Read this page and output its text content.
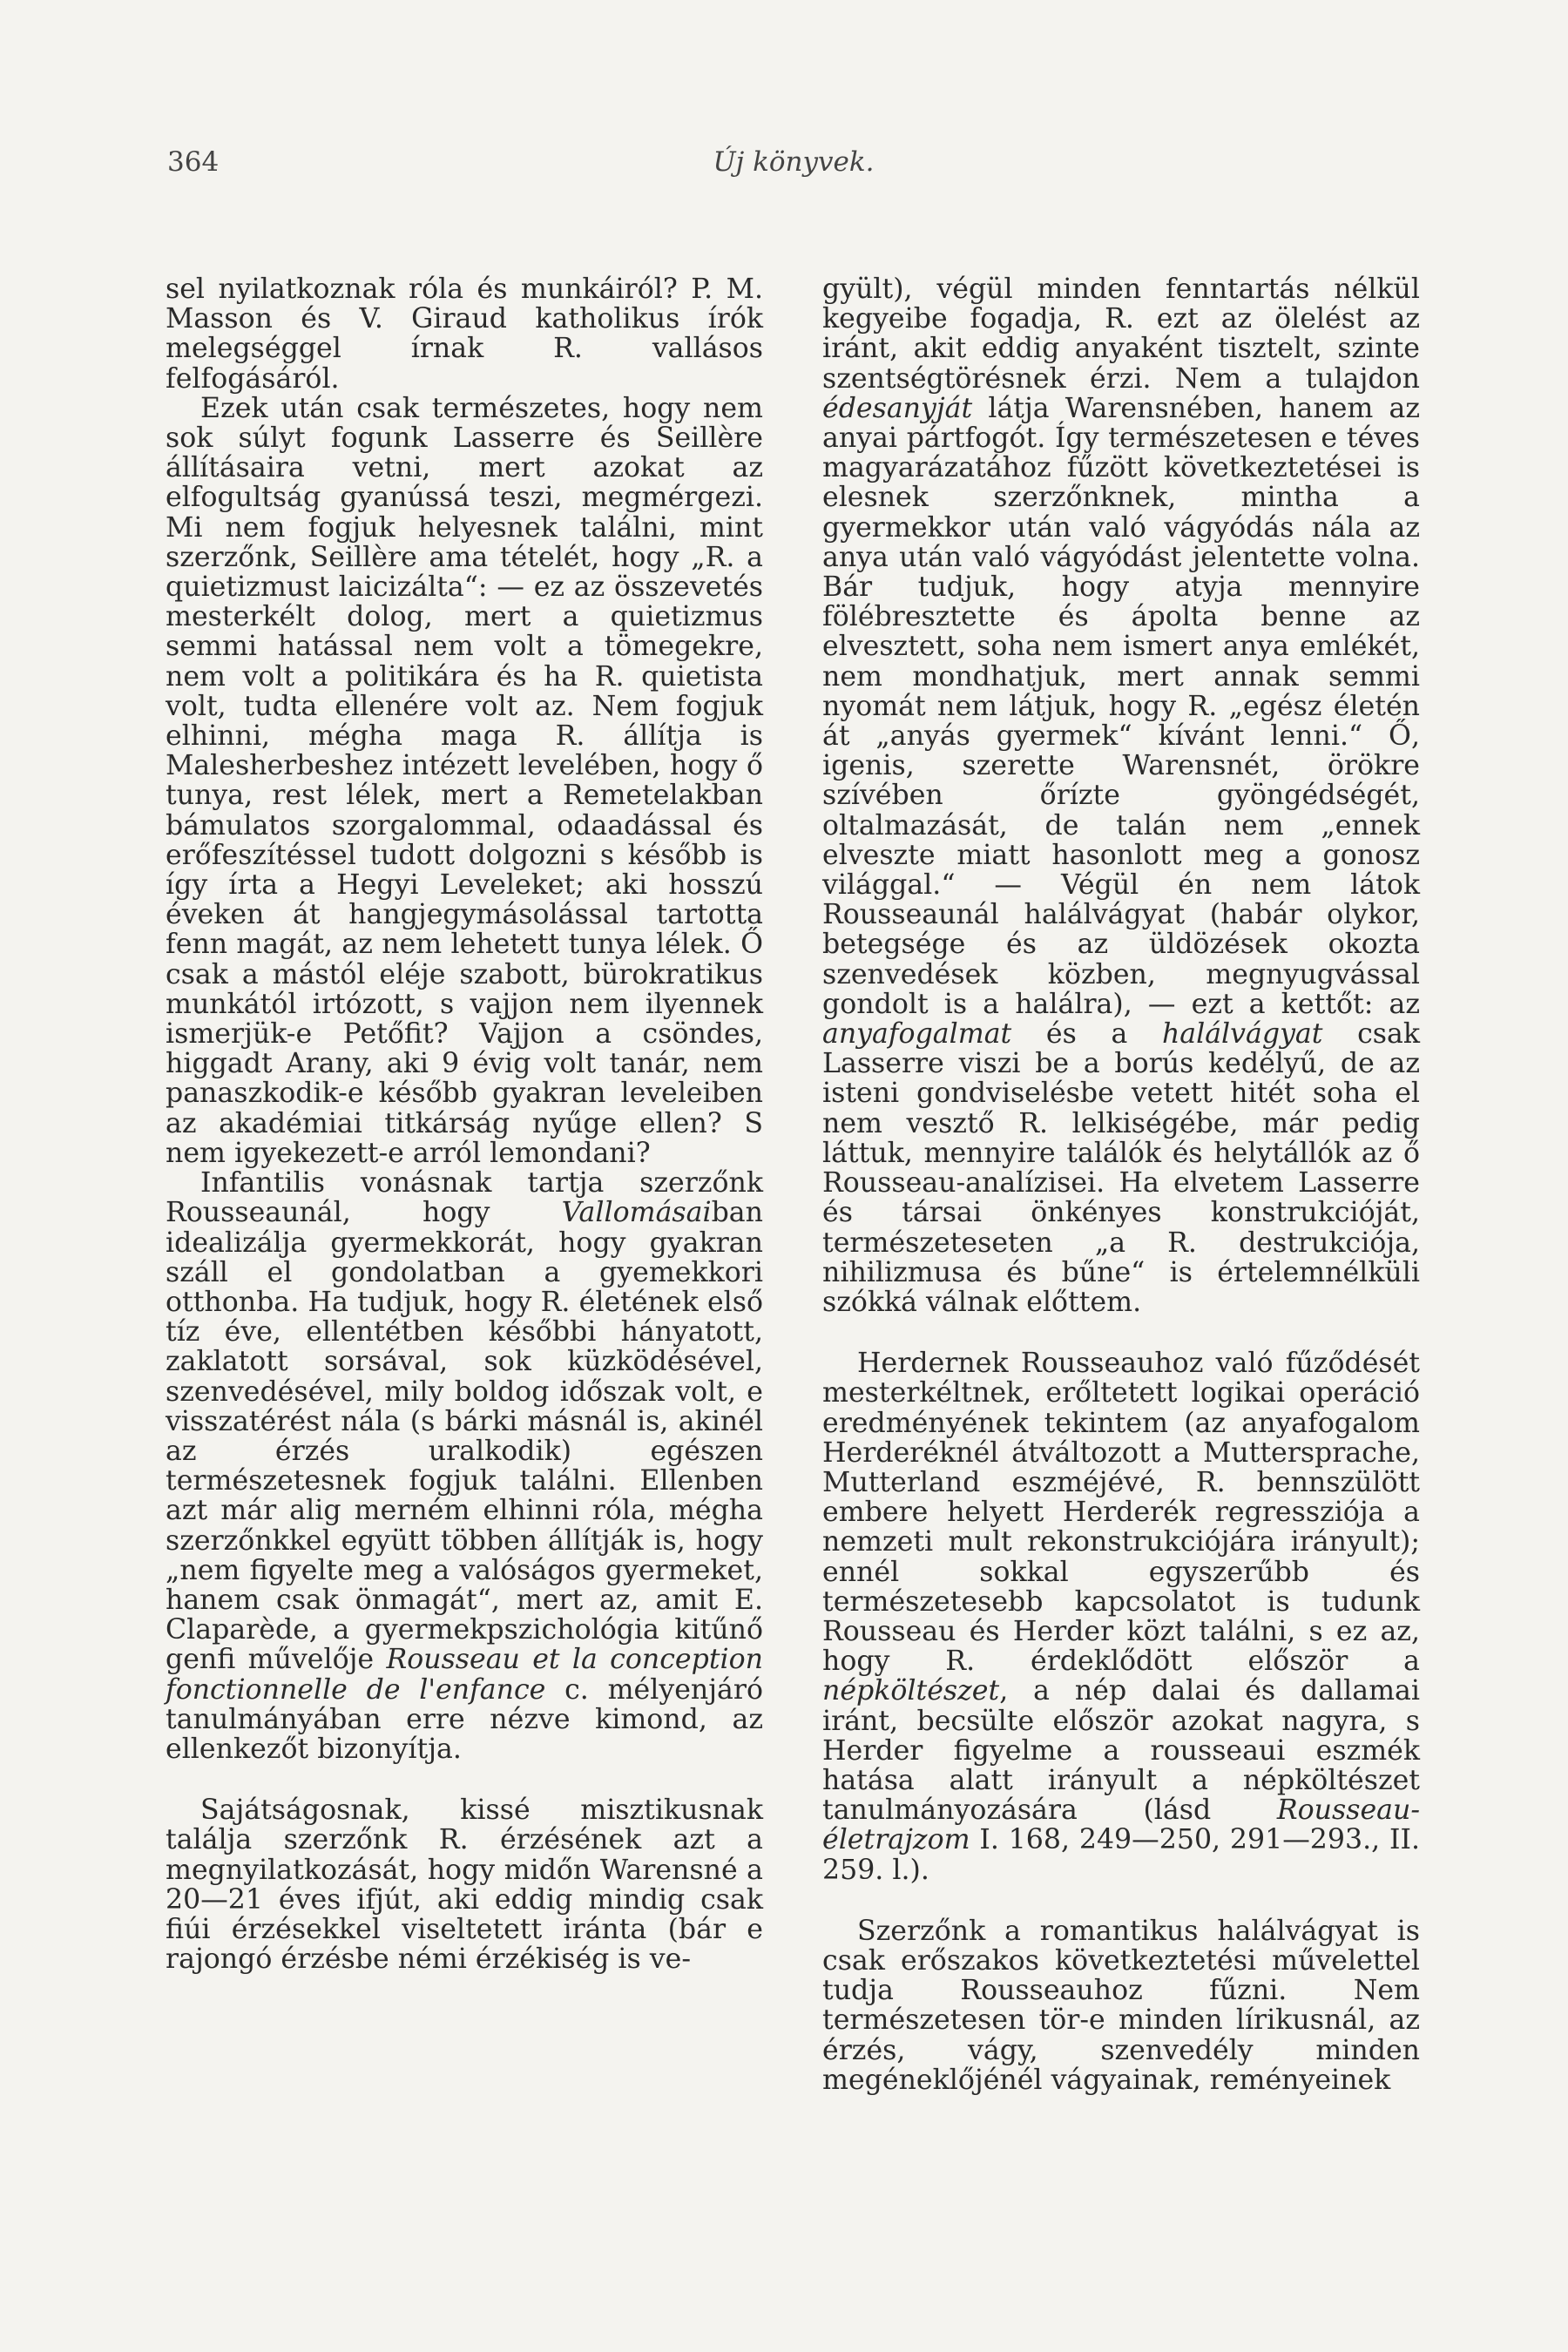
364	Új könyvek.

sel nyilatkoznak róla és munkáiról? P. M. Masson és V. Giraud katholikus írók melegséggel írnak R. vallásos felfogásáról.

Ezek után csak természetes, hogy nem sok súlyt fogunk Lasserre és Seillère állításaira vetni, mert azokat az elfogultság gyanússá teszi, megmérgezi. Mi nem fogjuk helyesnek találni, mint szerzőnk, Seillère ama tételét, hogy „R. a quietizmust laicizálta“: — ez az összevetés mesterkélt dolog, mert a quietizmus semmi hatással nem volt a tömegekre, nem volt a politikára és ha R. quietista volt, tudta ellenére volt az. Nem fogjuk elhinni, mégha maga R. állítja is Malesherbeshez intézett levelében, hogy ő tunya, rest lélek, mert a Remetelakban bámulatos szorgalommal, odaadással és erőfeszítéssel tudott dolgozni s később is így írta a Hegyi Leveleket; aki hosszú éveken át hangjegymásolással tartotta fenn magát, az nem lehetett tunya lélek. Ő csak a mástól eléje szabott, bürokratikus munkától irtózott, s vajjon nem ilyennek ismerjük-e Petőfit? Vajjon a csöndes, higgadt Arany, aki 9 évig volt tanár, nem panaszkodik-e később gyakran leveleiben az akadémiai titkárság nyűge ellen? S nem igyekezett-e arról lemondani?

Infantilis vonásnak tartja szerzőnk Rousseaunál, hogy Vallomásaiban idealizálja gyermekkorát, hogy gyakran száll el gondolatban a gyemekkori otthonba. Ha tudjuk, hogy R. életének első tíz éve, ellentétben későbbi hányatott, zaklatott sorsával, sok küzködésével, szenvedésével, mily boldog időszak volt, e visszatérést nála (s bárki másnál is, akinél az érzés uralkodik) egészen természetesnek fogjuk találni. Ellenben azt már alig merném elhinni róla, mégha szerzőnkkel együtt többen állítják is, hogy „nem figyelte meg a valóságos gyermeket, hanem csak önmagát“, mert az, amit E. Claparède, a gyermekpszichológia kitűnő genfi művelője Rousseau et la conception fonctionnelle de l'enfance c. mélyenjáró tanulmányában erre nézve kimond, az ellenkezőt bizonyítja.

Sajátságosnak, kissé misztikusnak találja szerzőnk R. érzésének azt a megnyilatkozását, hogy midőn Warensné a 20—21 éves ifjút, aki eddig mindig csak fiúi érzésekkel viseltetett iránta (bár e rajongó érzésbe némi érzékiség is ve-

gyült), végül minden fenntartás nélkül kegyeibe fogadja, R. ezt az ölelést az iránt, akit eddig anyaként tisztelt, szinte szentségtörésnek érzi. Nem a tulajdon édesanyját látja Warensnében, hanem az anyai pártfogót. Így természetesen e téves magyarázatához fűzött következtetései is elesnek szerzőnknek, mintha a gyermekkor után való vágyódás nála az anya után való vágyódást jelentette volna. Bár tudjuk, hogy atyja mennyire fölébresztette és ápolta benne az elvesztett, soha nem ismert anya emlékét, nem mondhatjuk, mert annak semmi nyomát nem látjuk, hogy R. „egész életén át „anyás gyermek“ kívánt lenni.“ Ő, igenis, szerette Warensnét, örökre szívében őrízte gyöngédségét, oltalmazását, de talán nem „ennek elveszte miatt hasonlott meg a gonosz világgal.“ — Végül én nem látok Rousseaunál halálvágyat (habár olykor, betegsége és az üldözések okozta szenvedések közben, megnyugvással gondolt is a halálra), — ezt a kettőt: az anyafogalmat és a halálvágyat csak Lasserre viszi be a borús kedélyű, de az isteni gondviselésbe vetett hitét soha el nem vesztő R. lelkiségébe, már pedig láttuk, mennyire találók és helytállók az ő Rousseau-analízisei. Ha elvetem Lasserre és társai önkényes konstrukcióját, természeteseten „a R. destrukciója, nihilizmusa és bűne“ is értelemnélküli szókká válnak előttem.

Herdernek Rousseauhoz való fűződését mesterkéltnek, erőltetett logikai operáció eredményének tekintem (az anyafogalom Herderéknél átváltozott a Muttersprache, Mutterland eszméjévé, R. bennszülött embere helyett Herderék regressziója a nemzeti mult rekonstrukciójára irányult); ennél sokkal egyszerűbb és természetesebb kapcsolatot is tudunk Rousseau és Herder közt találni, s ez az, hogy R. érdeklődött először a népköltészet, a nép dalai és dallamai iránt, becsülte először azokat nagyra, s Herder figyelme a rousseaui eszmék hatása alatt irányult a népköltészet tanulmányozására (lásd Rousseau-életrajzom I. 168, 249—250, 291—293., II. 259. l.).

Szerzőnk a romantikus halálvágyat is csak erőszakos következtetési művelettel tudja Rousseauhoz fűzni. Nem természetesen tör-e minden lírikusnál, az érzés, vágy, szenvedély minden megéneklőjénél vágyainak, reményeinek
